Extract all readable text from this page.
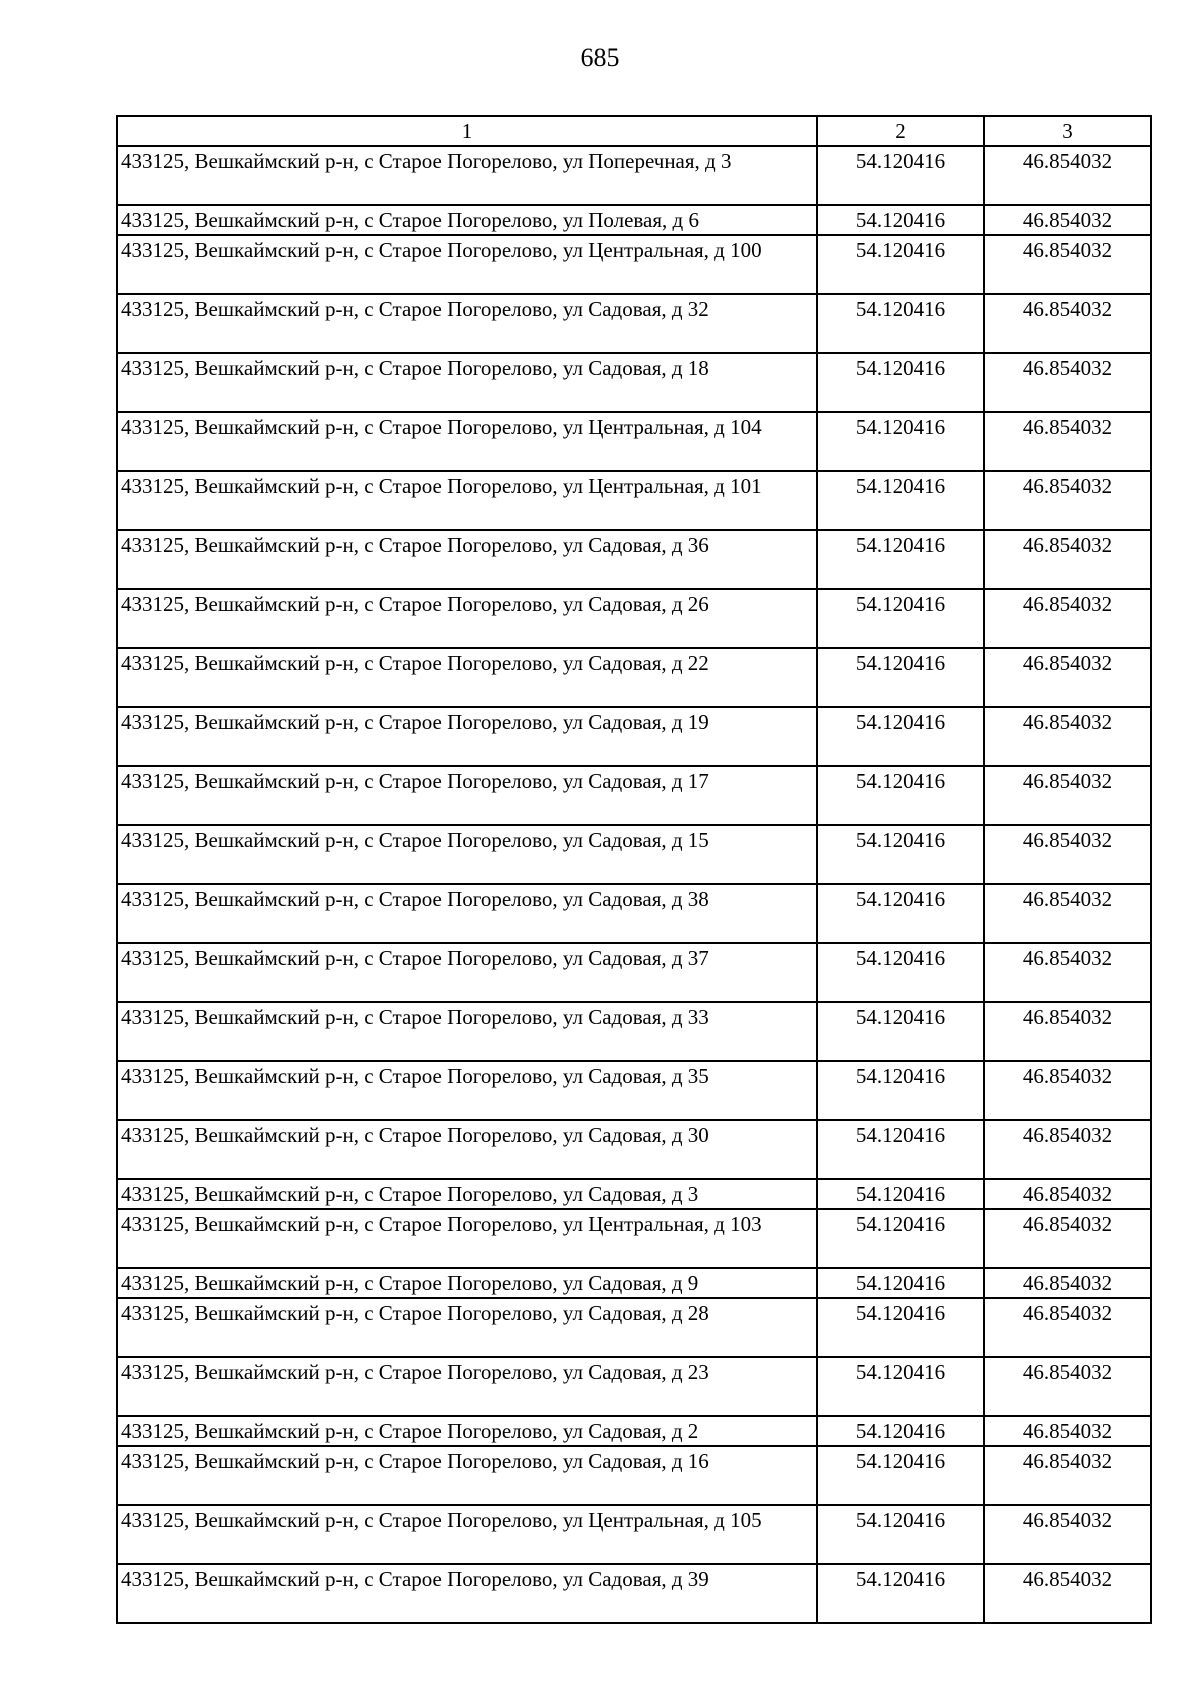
685
1	2	3
433125, Вешкаймский р-н, с Старое Погорелово, ул Поперечная, д 3	54.120416	46.854032
433125, Вешкаймский р-н, с Старое Погорелово, ул Полевая, д 6	54.120416	46.854032
433125, Вешкаймский р-н, с Старое Погорелово, ул Центральная, д 100	54.120416	46.854032
433125, Вешкаймский р-н, с Старое Погорелово, ул Садовая, д 32	54.120416	46.854032
433125, Вешкаймский р-н, с Старое Погорелово, ул Садовая, д 18	54.120416	46.854032
433125, Вешкаймский р-н, с Старое Погорелово, ул Центральная, д 104	54.120416	46.854032
433125, Вешкаймский р-н, с Старое Погорелово, ул Центральная, д 101	54.120416	46.854032
433125, Вешкаймский р-н, с Старое Погорелово, ул Садовая, д 36	54.120416	46.854032
433125, Вешкаймский р-н, с Старое Погорелово, ул Садовая, д 26	54.120416	46.854032
433125, Вешкаймский р-н, с Старое Погорелово, ул Садовая, д 22	54.120416	46.854032
433125, Вешкаймский р-н, с Старое Погорелово, ул Садовая, д 19	54.120416	46.854032
433125, Вешкаймский р-н, с Старое Погорелово, ул Садовая, д 17	54.120416	46.854032
433125, Вешкаймский р-н, с Старое Погорелово, ул Садовая, д 15	54.120416	46.854032
433125, Вешкаймский р-н, с Старое Погорелово, ул Садовая, д 38	54.120416	46.854032
433125, Вешкаймский р-н, с Старое Погорелово, ул Садовая, д 37	54.120416	46.854032
433125, Вешкаймский р-н, с Старое Погорелово, ул Садовая, д 33	54.120416	46.854032
433125, Вешкаймский р-н, с Старое Погорелово, ул Садовая, д 35	54.120416	46.854032
433125, Вешкаймский р-н, с Старое Погорелово, ул Садовая, д 30	54.120416	46.854032
433125, Вешкаймский р-н, с Старое Погорелово, ул Садовая, д 3	54.120416	46.854032
433125, Вешкаймский р-н, с Старое Погорелово, ул Центральная, д 103	54.120416	46.854032
433125, Вешкаймский р-н, с Старое Погорелово, ул Садовая, д 9	54.120416	46.854032
433125, Вешкаймский р-н, с Старое Погорелово, ул Садовая, д 28	54.120416	46.854032
433125, Вешкаймский р-н, с Старое Погорелово, ул Садовая, д 23	54.120416	46.854032
433125, Вешкаймский р-н, с Старое Погорелово, ул Садовая, д 2	54.120416	46.854032
433125, Вешкаймский р-н, с Старое Погорелово, ул Садовая, д 16	54.120416	46.854032
433125, Вешкаймский р-н, с Старое Погорелово, ул Центральная, д 105	54.120416	46.854032
433125, Вешкаймский р-н, с Старое Погорелово, ул Садовая, д 39	54.120416	46.854032
